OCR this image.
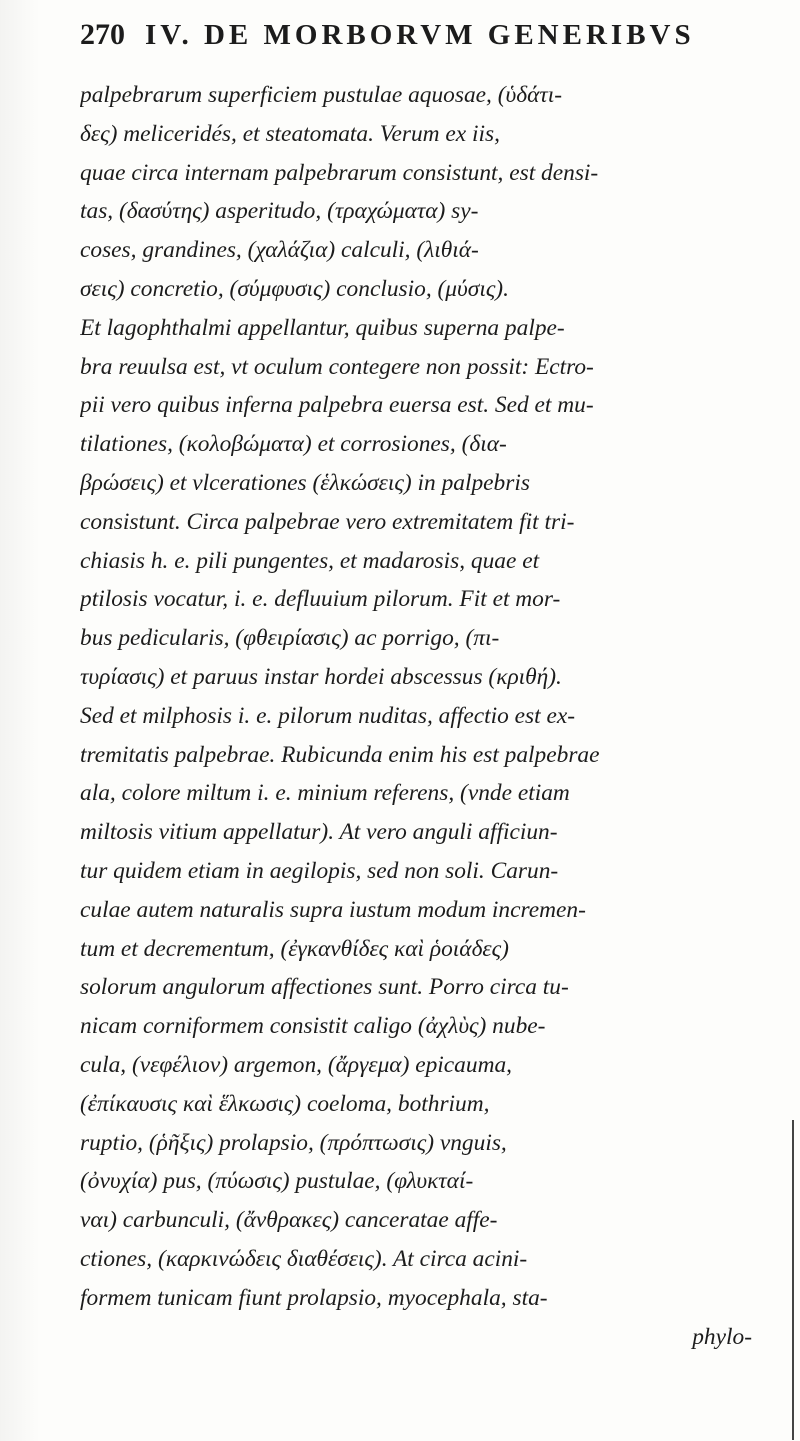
270 IV. DE MORBORVM GENERIBVS
palpebrarum superficiem pustulae aquosae, (ὑδάτι-
δες) meliceridés, et steatomata. Verum ex iis,
quae circa internam palpebrarum consistunt, est densi-
tas, (δασύτης) asperitudo, (τραχώματα) sy-
coses, grandines, (χαλάζια) calculi, (λιθιά-
σεις) concretio, (σύμφυσις) conclusio, (μύσις).
Et lagophthalmi appellantur, quibus superna palpe-
bra reuulsa est, vt oculum contegere non possit: Ectro-
pii vero quibus inferna palpebra euersa est. Sed et mu-
tilationes, (κολοβώματα) et corrosiones, (δια-
βρώσεις) et vlcerationes (ἑλκώσεις) in palpebris
consistunt. Circa palpebrae vero extremitatem fit tri-
chiasis h. e. pili pungentes, et madarosis, quae et
ptilosis vocatur, i. e. defluuium pilorum. Fit et mor-
bus pedicularis, (φθειρίασις) ac porrigo, (πι-
τυρίασις) et paruus instar hordei abscessus (κριθή).
Sed et milphosis i. e. pilorum nuditas, affectio est ex-
tremitatis palpebrae. Rubicunda enim his est palpebrae
ala, colore miltum i. e. minium referens, (vnde etiam
miltosis vitium appellatur). At vero anguli afficiun-
tur quidem etiam in aegilopis, sed non soli. Carun-
culae autem naturalis supra iustum modum incremen-
tum et decrementum, (ἐγκανθίδες καὶ ῥοιάδες)
solorum angulorum affectiones sunt. Porro circa tu-
nicam corniformem consistit caligo (ἀχλὺς) nube-
cula, (νεφέλιον) argemon, (ἄργεμα) epicauma,
(ἐπίκαυσις καὶ ἕλκωσις) coeloma, bothrium,
ruptio, (ῥῆξις) prolapsio, (πρόπτωσις) vnguis,
(ὀνυχία) pus, (πύωσις) pustulae, (φλυκταί-
ναι) carbunculi, (ἄνθρακες) canceratae affe-
ctiones, (καρκινώδεις διαθέσεις). At circa acini-
formem tunicam fiunt prolapsio, myocephala, sta-
phylo-
